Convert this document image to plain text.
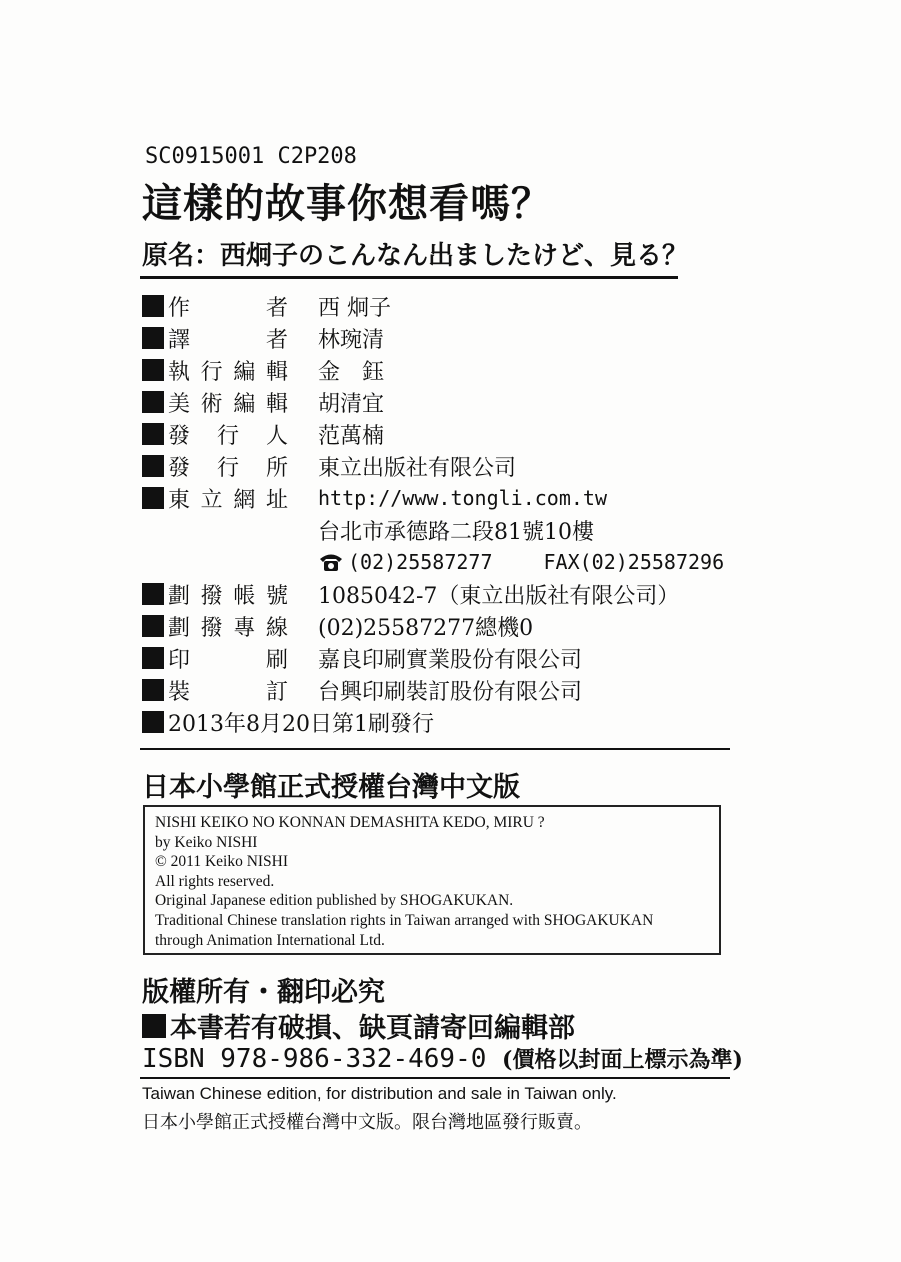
SC0915001 C2P208
這樣的故事你想看嗎？
原名：西炯子のこんなん出ましたけど、見る？
作	者 西 炯子
譯	者 林琬清
執 行 編 輯 金　鈺
美 術 編 輯 胡清宜
發 行 人 范萬楠
發 行 所 東立出版社有限公司
東 立 網 址	http://www.tongli.com.tw
台北市承德路二段81號10樓
(02)25587277	FAX(02)25587296
劃 撥 帳 號 1085042-7（東立出版社有限公司）
劃 撥 專 線 (02)25587277總機0
印	刷 嘉良印刷實業股份有限公司
裝	訂 台興印刷裝訂股份有限公司
2013年8月20日第1刷發行
日本小學館正式授權台灣中文版
NISHI KEIKO NO KONNAN DEMASHITA KEDO, MIRU ?
by Keiko NISHI
© 2011 Keiko NISHI
All rights reserved.
Original Japanese edition published by SHOGAKUKAN.
Traditional Chinese translation rights in Taiwan arranged with SHOGAKUKAN
through Animation International Ltd.
版權所有・翻印必究
本書若有破損、缺頁請寄回編輯部
ISBN 978-986-332-469-0 (價格以封面上標示為準)
Taiwan Chinese edition, for distribution and sale in Taiwan only.
日本小學館正式授權台灣中文版。限台灣地區發行販賣。
